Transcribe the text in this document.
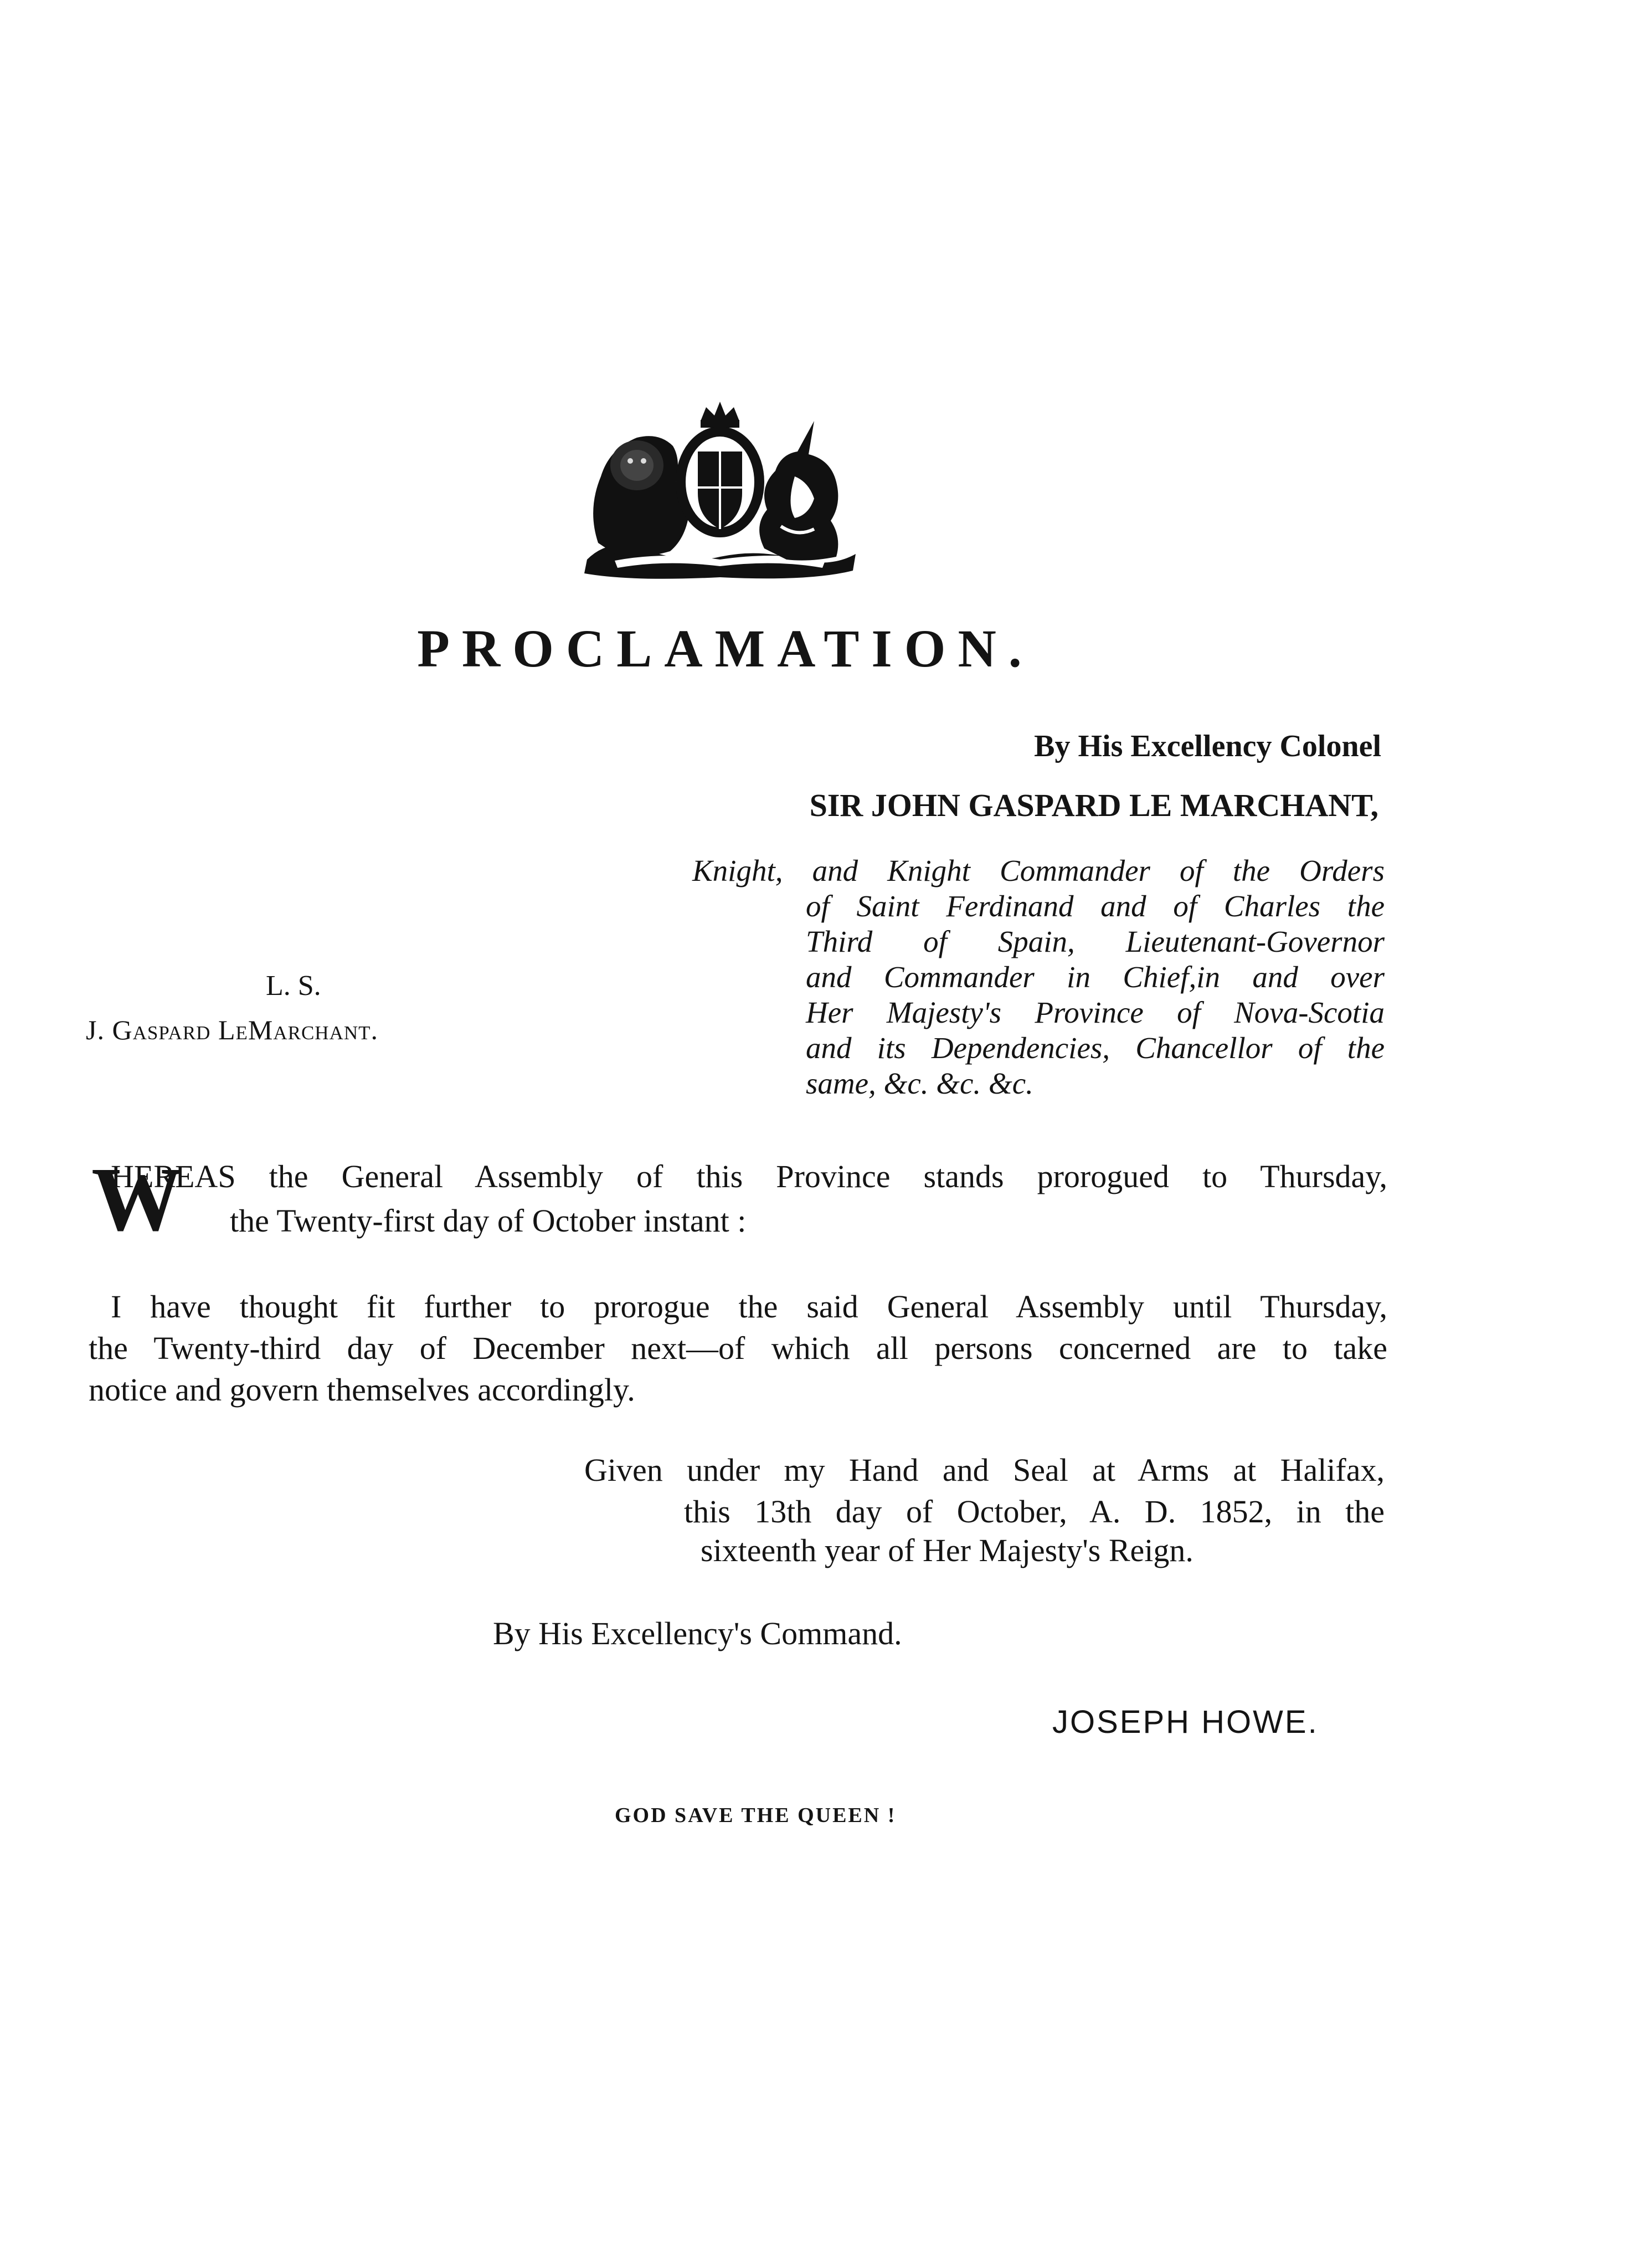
PROCLAMATION.
By His Excellency Colonel
SIR JOHN GASPARD LE MARCHANT,
Knight, and Knight Commander of the Orders
of Saint Ferdinand and of Charles the
Third of Spain, Lieutenant-Governor
and Commander in Chief,in and over
Her Majesty's Province of Nova-Scotia
and its Dependencies, Chancellor of the
same, &c. &c. &c.
L. S.
J. Gaspard LeMarchant.
W
HEREAS the General Assembly of this Province stands prorogued to Thursday,
the Twenty-first day of October instant :
I have thought fit further to prorogue the said General Assembly until Thursday,
the Twenty-third day of December next—of which all persons concerned are to take
notice and govern themselves accordingly.
Given under my Hand and Seal at Arms at Halifax,
this 13th day of October, A. D. 1852, in the
sixteenth year of Her Majesty's Reign.
By His Excellency's Command.
JOSEPH HOWE.
GOD SAVE THE QUEEN !
